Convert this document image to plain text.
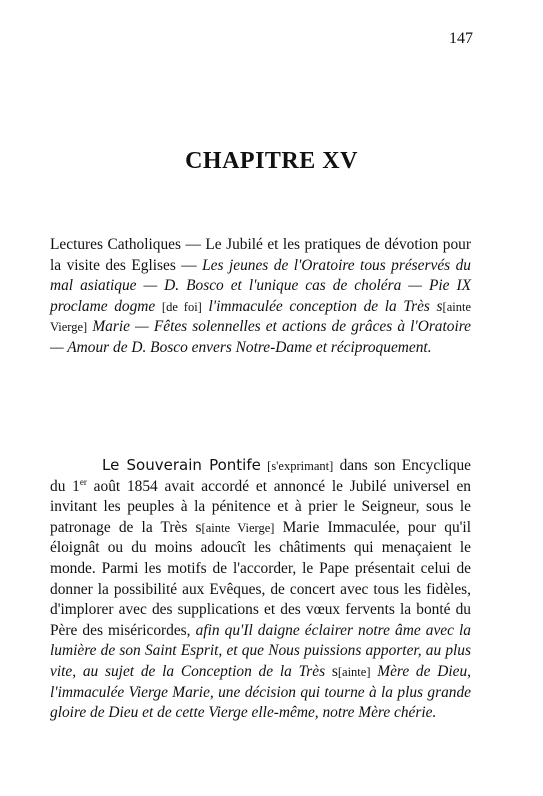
147
CHAPITRE XV
Lectures Catholiques — Le Jubilé et les pratiques de dévotion pour la visite des Eglises — Les jeunes de l'Oratoire tous préservés du mal asiatique — D. Bosco et l'unique cas de choléra — Pie IX proclame dogme [de foi] l'immaculée conception de la Très s[ainte Vierge] Marie — Fêtes solennelles et actions de grâces à l'Oratoire — Amour de D. Bosco envers Notre-Dame et réciproquement.
Le Souverain Pontife [s'exprimant] dans son Encyclique du 1er août 1854 avait accordé et annoncé le Jubilé universel en invitant les peuples à la pénitence et à prier le Seigneur, sous le patronage de la Très s[ainte Vierge] Marie Immaculée, pour qu'il éloignât ou du moins adoucît les châtiments qui menaçaient le monde. Parmi les motifs de l'accorder, le Pape présentait celui de donner la possibilité aux Evêques, de concert avec tous les fidèles, d'implorer avec des supplications et des vœux fervents la bonté du Père des miséricordes, afin qu'Il daigne éclairer notre âme avec la lumière de son Saint Esprit, et que Nous puissions apporter, au plus vite, au sujet de la Conception de la Très s[ainte] Mère de Dieu, l'immaculée Vierge Marie, une décision qui tourne à la plus grande gloire de Dieu et de cette Vierge elle-même, notre Mère chérie.
